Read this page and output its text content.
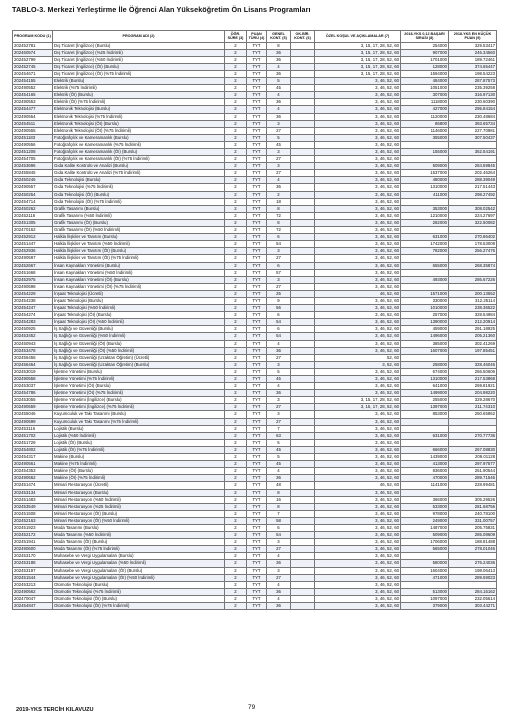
TABLO-3. Merkezi Yerleştirme İle Öğrenci Alan Yükseköğretim Ön Lisans Programları
PROGRAM KODU (1)	PROGRAM ADI (2)	ÖĞR. SÜRE (3)	PUAN TÜRÜ (4)	GENEL KONT. (5)	OK.BİR. KONT. (6)	ÖZEL KOŞUL VE AÇIKLAMALAR (7)	2018-YKS 0,12 BAŞARI SIRASI (8)	2018-YKS EN KÜÇÜK PUAN (9)
202452781	Dış Ticaret (İngilizce) (Burslu)	2	TYT	8		3, 15, 17, 28, 52, 60	254000	329.53417
202460574	Dış Ticaret (İngilizce) (%25 İndirimli)	2	TYT	36		3, 15, 17, 28, 52, 60	907000	246.34560
202452799	Dış Ticaret (İngilizce) (%50 İndirimli)	2	TYT	36		3, 15, 17, 28, 52, 60	1701000	189.72461
202452745	Dış Ticaret (İngilizce) (ÖI) (Burslu)	2	TYT	4		3, 15, 17, 28, 52, 60	128000	374.65447
202454671	Dış Ticaret (İngilizce) (ÖI) (%75 İndirimli)	2	TYT	36		3, 15, 17, 28, 52, 60	1594000	198.54223
202454155	Elektrik (Burslu)	2	TYT	5		3, 46, 52, 60	484000	287.87573
202490552	Elektrik (%75 İndirimli)	2	TYT	45		3, 46, 52, 60	1051000	235.39258
202454165	Elektrik (ÖI) (Burslu)	2	TYT	4		3, 46, 52, 60	307000	316.97130
202490553	Elektrik (ÖI) (%75 İndirimli)	2	TYT	36		3, 46, 52, 60	1118000	230.60390
202454477	Elektronik Teknolojisi (Burslu)	2	TYT	4		3, 46, 52, 60	427000	295.84154
202490554	Elektronik Teknolojisi (%75 İndirimli)	2	TYT	36		3, 46, 52, 60	1120000	230.48684
202454511	Elektronik Teknolojisi (ÖI) (Burslu)	2	TYT	3		3, 46, 52, 60	86800	393.65734
202490555	Elektronik Teknolojisi (ÖI) (%75 İndirimli)	2	TYT	27		3, 46, 52, 60	1146000	227.70981
202451183	Fotoğrafçılık ve Kameramanlık (Burslu)	2	TYT	5		3, 46, 52, 60	355000	307.50437
202490556	Fotoğrafçılık ve Kameramanlık (%75 İndirimli)	2	TYT	45		3, 46, 52, 60		
202451208	Fotoğrafçılık ve Kameramanlık (ÖI) (Burslu)	2	TYT	3		3, 46, 52, 60	155000	362.54191
202454705	Fotoğrafçılık ve Kameramanlık (ÖI) (%75 İndirimli)	2	TYT	27		3, 46, 52, 60		
202453696	Gıda Kalite Kontrolü ve Analizi (Burslu)	2	TYT	3		3, 46, 52, 60	509000	284.59845
202455845	Gıda Kalite Kontrolü ve Analizi (%75 İndirimli)	2	TYT	27		3, 46, 52, 60	1537000	202.46264
202450246	Gıda Teknolojisi (Burslu)	2	TYT	4		3, 46, 52, 60	480000	288.39049
202490557	Gıda Teknolojisi (%75 İndirimli)	2	TYT	36		3, 46, 52, 60	1310000	217.51443
202450254	Gıda Teknolojisi (ÖI) (Burslu)	2	TYT	2		3, 46, 52, 60	411000	298.27492
202454714	Gıda Teknolojisi (ÖI) (%75 İndirimli)	2	TYT	18		3, 46, 52, 60		
202450262	Grafik Tasarımı (Burslu)	2	TYT	8		3, 46, 52, 60	353000	308.02542
202452116	Grafik Tasarımı (%50 İndirimli)	2	TYT	72		3, 46, 52, 60	1210000	224.27697
202451305	Grafik Tasarımı (ÖI) (Burslu)	2	TYT	8		3, 46, 52, 60	282000	322.50082
202470162	Grafik Tasarımı (ÖI) (%50 İndirimli)	2	TYT	72		3, 46, 52, 60		
202452912	Halkla İlişkiler ve Tanıtım (Burslu)	2	TYT	6		3, 46, 52, 60	631000	270.86402
202451447	Halkla İlişkiler ve Tanıtım (%50 İndirimli)	2	TYT	54		3, 46, 52, 60	1742000	178.53008
202452936	Halkla İlişkiler ve Tanıtım (ÖI) (Burslu)	2	TYT	3		3, 46, 52, 60	782000	256.27476
202490597	Halkla İlişkiler ve Tanıtım (ÖI) (%75 İndirimli)	2	TYT	27		3, 46, 52, 60		
202452667	İnsan Kaynakları Yönetimi (Burslu)	2	TYT	6		3, 46, 52, 60	655000	268.35874
202451668	İnsan Kaynakları Yönetimi (%50 İndirimli)	2	TYT	57		3, 46, 52, 60		
202452975	İnsan Kaynakları Yönetimi (ÖI) (Burslu)	2	TYT	3		3, 46, 52, 60	493000	286.67226
202490598	İnsan Kaynakları Yönetimi (ÖI) (%75 İndirimli)	2	TYT	27		3, 46, 52, 60		
202454229	İnşaat Teknolojisi (Ücretli)	2	TYT	25		46, 52, 60	1571000	200.13552
202454238	İnşaat Teknolojisi (Burslu)	2	TYT	9		3, 46, 52, 60	330000	312.25114
202454247	İnşaat Teknolojisi (%50 İndirimli)	2	TYT	56		3, 46, 52, 60	1010000	238.36522
202454274	İnşaat Teknolojisi (ÖI) (Burslu)	2	TYT	6		3, 46, 52, 60	257000	328.54984
202454283	İnşaat Teknolojisi (ÖI) (%50 İndirimli)	2	TYT	54		3, 46, 52, 60	1390000	212.20914
202450925	İş Sağlığı ve Güvenliği (Burslu)	2	TYT	6		3, 46, 52, 60	459000	291.18925
202453452	İş Sağlığı ve Güvenliği (%50 İndirimli)	2	TYT	54		3, 46, 52, 60	1496000	205.21360
202450943	İş Sağlığı ve Güvenliği (ÖI) (Burslu)	2	TYT	4		3, 46, 52, 60	385000	302.41269
202453478	İş Sağlığı ve Güvenliği (ÖI) (%50 İndirimli)	2	TYT	36		3, 46, 52, 60	1607000	197.85451
202456455	İş Sağlığı ve Güvenliği (Uzaktan Öğretim) (Ücretli)	2	TYT	27		52, 60		
202456464	İş Sağlığı ve Güvenliği (Uzaktan Öğretim) (Burslu)	2	TYT	3		3, 52, 60	258000	328.46046
202453019	İşletme Yönetimi (Burslu)	2	TYT	5		3, 46, 52, 60	674000	266.50606
202490558	İşletme Yönetimi (%75 İndirimli)	2	TYT	45		3, 46, 52, 60	1310000	217.53868
202453037	İşletme Yönetimi (ÖI) (Burslu)	2	TYT	4		3, 46, 52, 60	641000	269.81921
202454786	İşletme Yönetimi (ÖI) (%75 İndirimli)	2	TYT	36		3, 46, 52, 60	1499000	204.98220
202453055	İşletme Yönetimi (İngilizce) (Burslu)	2	TYT	3		3, 15, 17, 28, 52, 60	255000	329.28670
202490559	İşletme Yönetimi (İngilizce) (%75 İndirimli)	2	TYT	27		3, 15, 17, 28, 52, 60	1397000	211.74310
202455046	Kuyumculuk ve Takı Tasarımı (Burslu)	2	TYT	3		3, 46, 52, 60	853000	250.65862
202490599	Kuyumculuk ve Takı Tasarımı (%75 İndirimli)	2	TYT	27		3, 46, 52, 60		
202453116	Lojistik (Burslu)	2	TYT	7		3, 46, 52, 60		
202451702	Lojistik (%50 İndirimli)	2	TYT	63		3, 46, 52, 60	631000	270.77736
202451729	Lojistik (ÖI) (Burslu)	2	TYT	5		3, 46, 52, 60		
202454802	Lojistik (ÖI) (%75 İndirimli)	2	TYT	45		3, 46, 52, 60	666000	267.08830
202454317	Makine (Burslu)	2	TYT	5		3, 46, 52, 60	1439000	209.01128
202490561	Makine (%75 İndirimli)	2	TYT	45		3, 46, 52, 60	413000	297.97577
202454353	Makine (ÖI) (Burslu)	2	TYT	4		3, 46, 52, 60	836000	251.90544
202490562	Makine (ÖI) (%75 İndirimli)	2	TYT	36		3, 46, 52, 60	470000	289.71546
202451474	Mimari Restorasyon (Ücretli)	2	TYT	48		46, 52, 60	1141000	228.99481
202453134	Mimari Restorasyon (Burslu)	2	TYT	8		3, 46, 52, 60		
202451483	Mimari Restorasyon (%50 İndirimli)	2	TYT	16		3, 46, 52, 60	366000	305.29526
202453549	Mimari Restorasyon (%25 İndirimli)	2	TYT	8		3, 46, 52, 60	533000	281.68756
202451508	Mimari Restorasyon (ÖI) (Burslu)	2	TYT	7		3, 46, 52, 60	978000	240.78100
202452163	Mimari Restorasyon (ÖI) (%50 İndirimli)	2	TYT	58		3, 46, 52, 60	249000	331.00757
202451923	Moda Tasarımı (Burslu)	2	TYT	6		3, 46, 52, 60	1487000	205.75831
202452172	Moda Tasarımı (%50 İndirimli)	2	TYT	54		3, 46, 52, 60	509000	285.08609
202451941	Moda Tasarımı (ÖI) (Burslu)	2	TYT	3		3, 46, 52, 60	1706000	188.81488
202490600	Moda Tasarımı (ÖI) (%75 İndirimli)	2	TYT	27		3, 46, 52, 60	565000	278.01046
202453170	Muhasebe ve Vergi Uygulamaları (Burslu)	2	TYT	4		3, 46, 52, 60		
202453188	Muhasebe ve Vergi Uygulamaları (%50 İndirimli)	2	TYT	36		3, 46, 52, 60	580000	276.24036
202453197	Muhasebe ve Vergi Uygulamaları (ÖI) (Burslu)	2	TYT	3		3, 46, 52, 60	1604000	198.06413
202451544	Muhasebe ve Vergi Uygulamaları (ÖI) (%50 İndirimli)	2	TYT	27		3, 46, 52, 60	471000	289.59023
202453213	Otomotiv Teknolojisi (Burslu)	2	TYT	4		3, 46, 52, 60		
202490562	Otomotiv Teknolojisi (%75 İndirimli)	2	TYT	36		3, 46, 52, 60	513000	284.15162
202470047	Otomotiv Teknolojisi (ÖI) (Burslu)	2	TYT	4		3, 46, 52, 60	1097000	232.05614
202454847	Otomotiv Teknolojisi (ÖI) (%75 İndirimli)	2	TYT	36		3, 46, 52, 60	379000	303.44271
2019-YKS TERCİH KILAVUZU	79
